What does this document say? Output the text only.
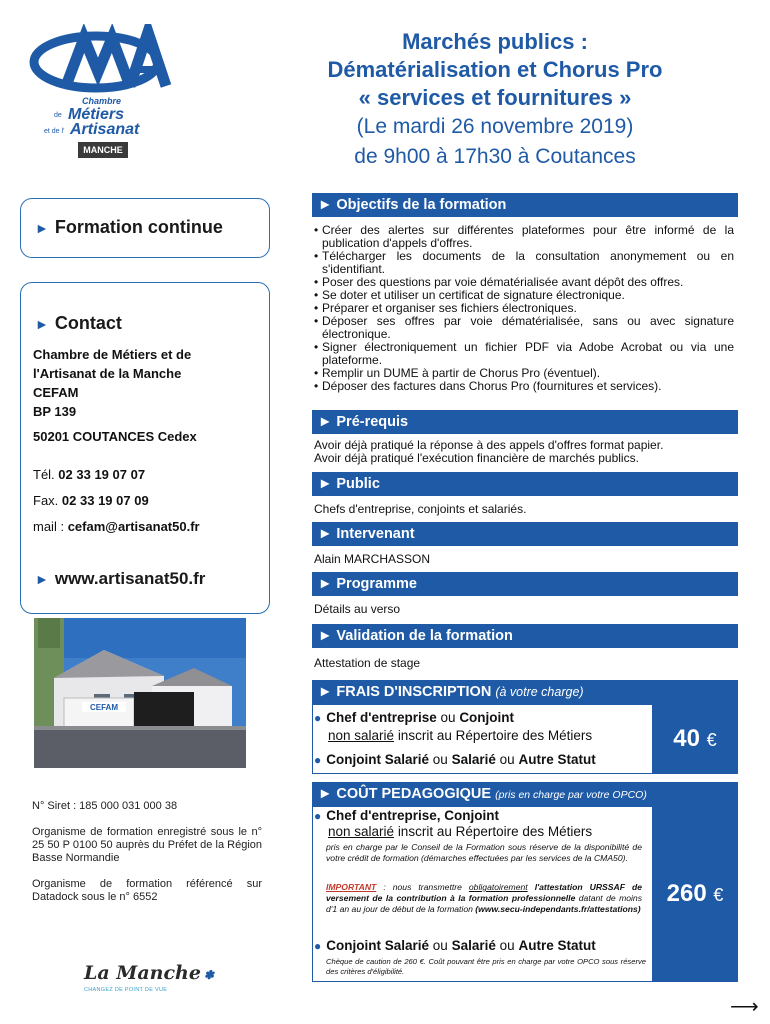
Chambre
de Métiers
et de l' Artisanat
MANCHE
Marchés publics :
Dématérialisation et Chorus Pro
« services et fournitures »
(Le mardi 26 novembre 2019)
de 9h00 à 17h30 à Coutances
► Formation continue
► Contact
Chambre de Métiers et de
l'Artisanat de la Manche
CEFAM
BP 139
50201 COUTANCES Cedex
Tél. 02 33 19 07 07
Fax. 02 33 19 07 09
mail : cefam@artisanat50.fr
► www.artisanat50.fr
CEFAM
N° Siret : 185 000 031 000 38
Organisme de formation enregistré sous le n° 25 50 P 0100 50 auprès du Préfet de la Région Basse Normandie
Organisme de formation référencé sur Datadock sous le n° 6552
La Manche ✽
CHANGEZ DE POINT DE VUE
► Objectifs de la formation
• Créer des alertes sur différentes plateformes pour être informé de la publication d'appels d'offres.
• Télécharger les documents de la consultation anonymement ou en s'identifiant.
• Poser des questions par voie dématérialisée avant dépôt des offres.
• Se doter et utiliser un certificat de signature électronique.
• Préparer et organiser ses fichiers électroniques.
• Déposer ses offres par voie dématérialisée, sans ou avec signature électronique.
• Signer électroniquement un fichier PDF via Adobe Acrobat ou via une plateforme.
• Remplir un DUME à partir de Chorus Pro (éventuel).
• Déposer des factures dans Chorus Pro (fournitures et services).
► Pré-requis
Avoir déjà pratiqué la réponse à des appels d'offres format papier.
Avoir déjà pratiqué l'exécution financière de marchés publics.
► Public
Chefs d'entreprise, conjoints et salariés.
► Intervenant
Alain MARCHASSON
► Programme
Détails au verso
► Validation de la formation
Attestation de stage
► FRAIS D'INSCRIPTION (à votre charge)
40 €
● Chef d'entreprise ou Conjoint
non salarié inscrit au Répertoire des Métiers
● Conjoint Salarié ou Salarié ou Autre Statut
► COÛT PEDAGOGIQUE (pris en charge par votre OPCO)
260 €
● Chef d'entreprise, Conjoint
non salarié inscrit au Répertoire des Métiers
pris en charge par le Conseil de la Formation sous réserve de la disponibilité de votre crédit de formation (démarches effectuées par les services de la CMA50).
IMPORTANT : nous transmettre obligatoirement l'attestation URSSAF de versement de la contribution à la formation professionnelle datant de moins d'1 an au jour de début de la formation (www.secu-independants.fr/attestations)
● Conjoint Salarié ou Salarié ou Autre Statut
Chèque de caution de 260 €. Coût pouvant être pris en charge par votre OPCO sous réserve des critères d'éligibilité.
⟶
